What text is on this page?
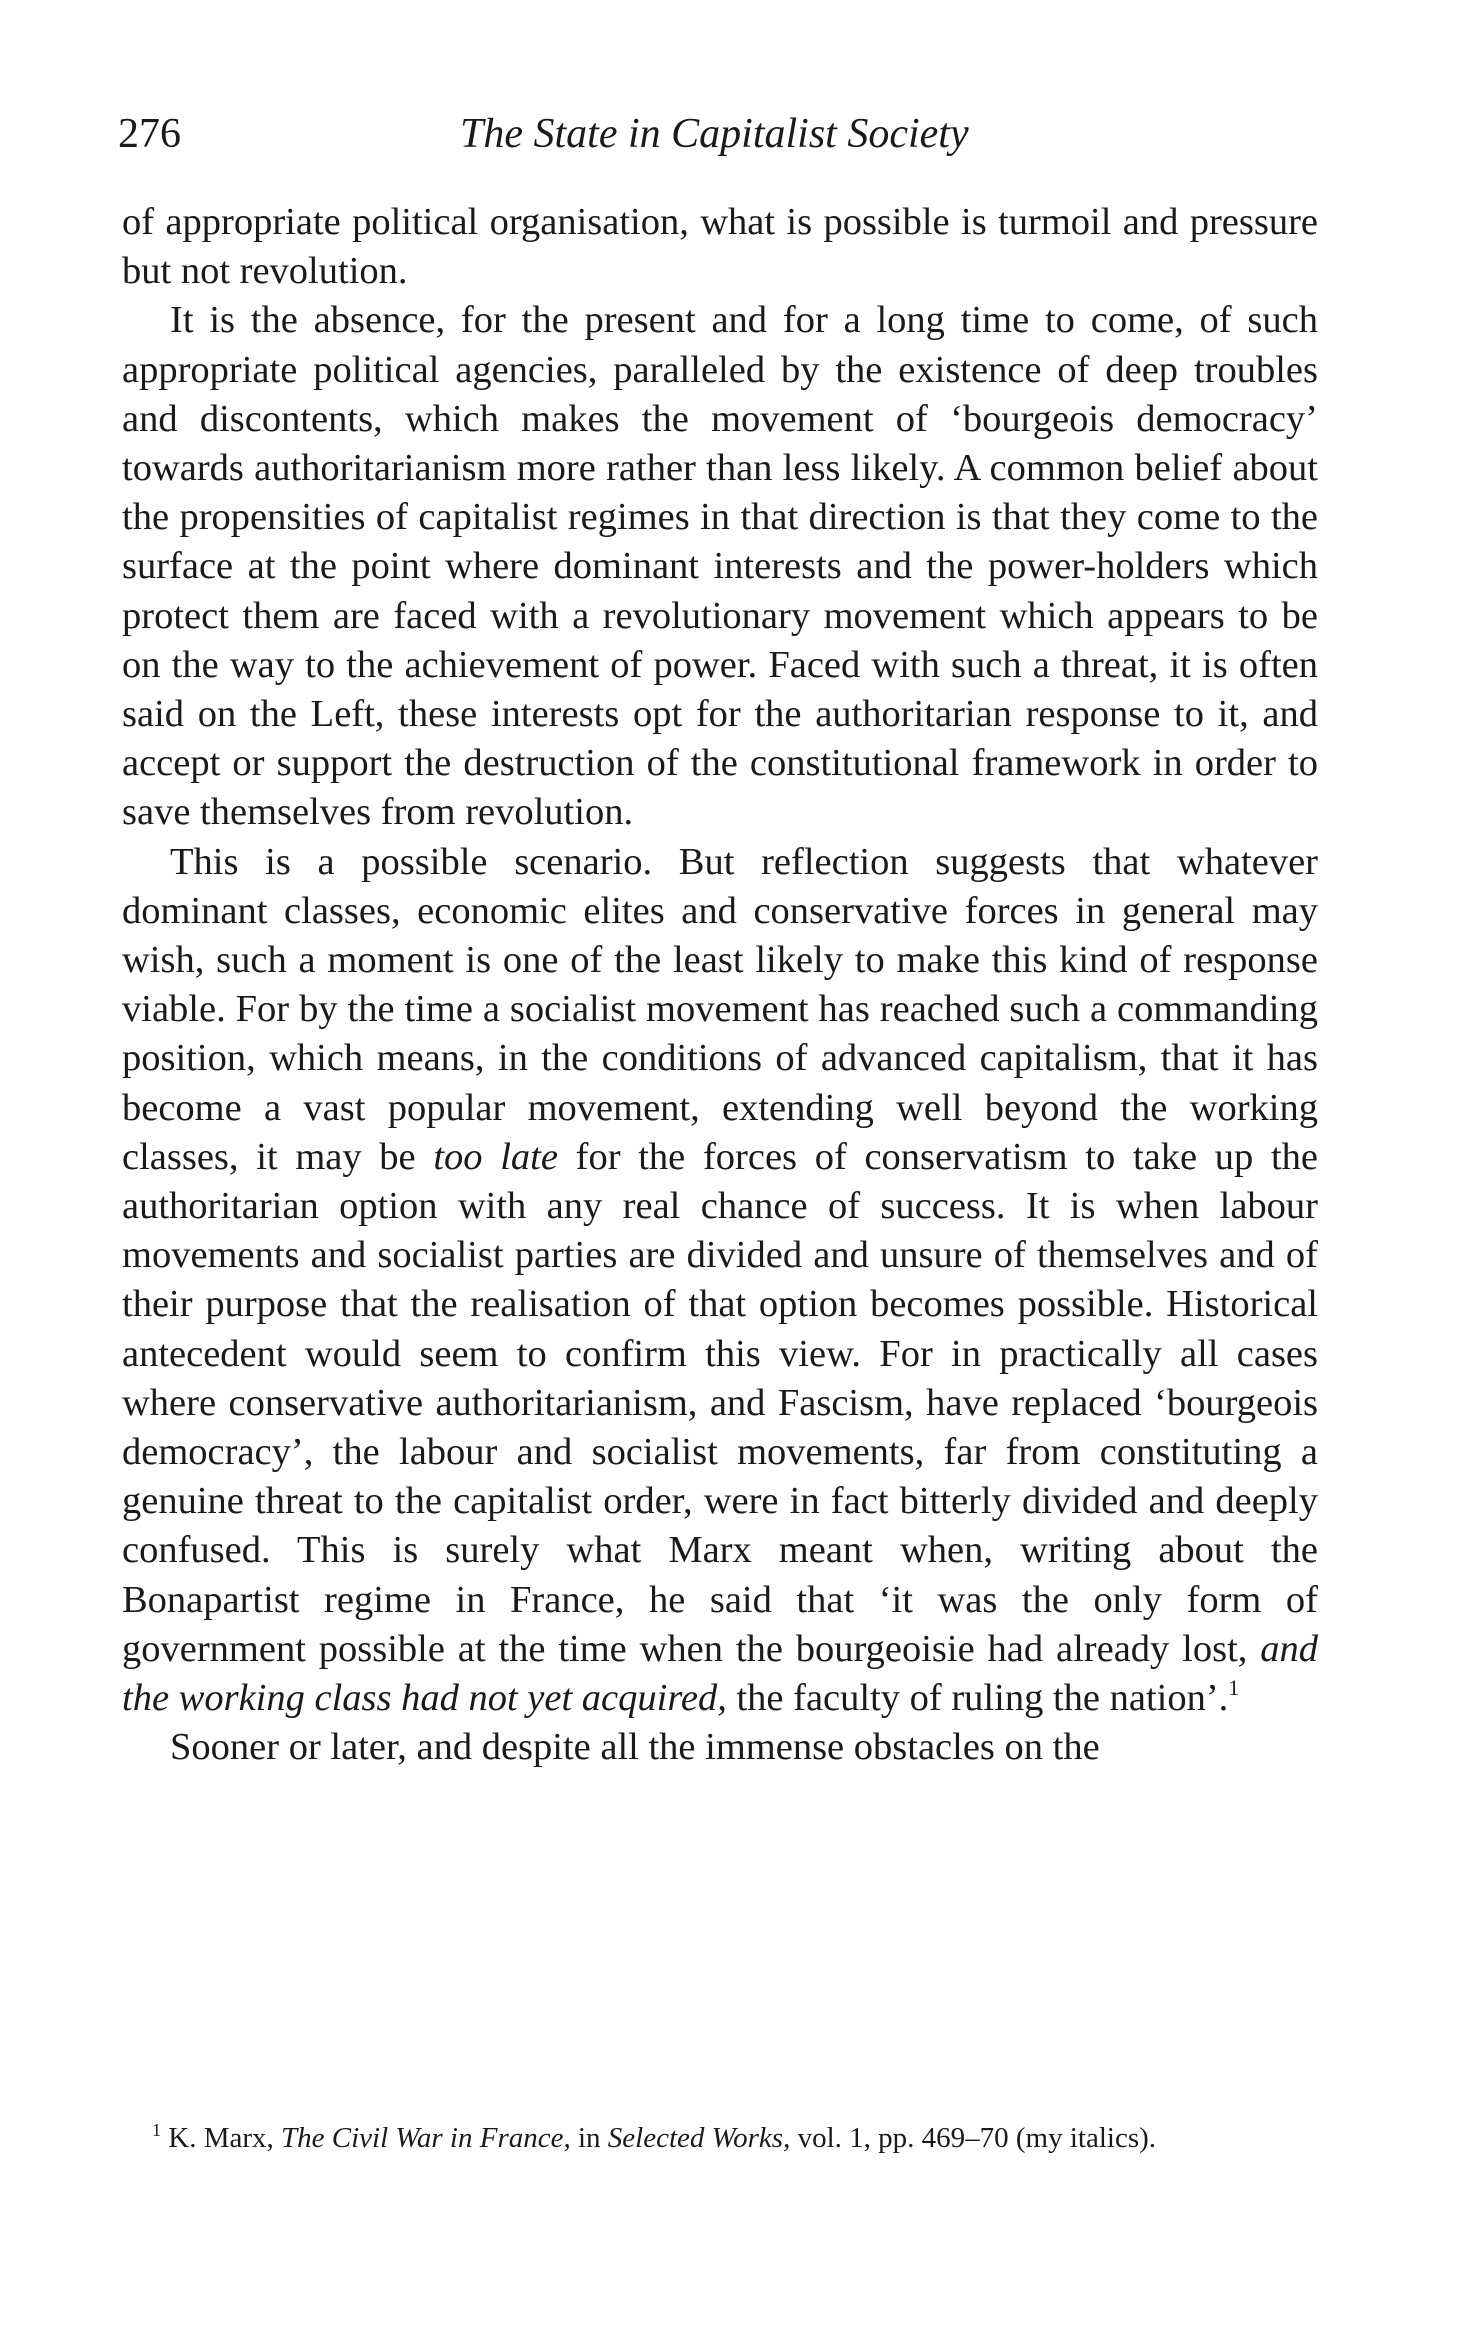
276	The State in Capitalist Society

of appropriate political organisation, what is possible is turmoil and pressure but not revolution.

It is the absence, for the present and for a long time to come, of such appropriate political agencies, paralleled by the existence of deep troubles and discontents, which makes the movement of ‘bourgeois democracy’ towards authoritarianism more rather than less likely. A common belief about the propensities of capitalist regimes in that direction is that they come to the surface at the point where dominant interests and the power-holders which protect them are faced with a revolutionary movement which appears to be on the way to the achievement of power. Faced with such a threat, it is often said on the Left, these interests opt for the authoritarian response to it, and accept or support the destruction of the constitutional framework in order to save themselves from revolution.

This is a possible scenario. But reflection suggests that whatever dominant classes, economic elites and conservative forces in general may wish, such a moment is one of the least likely to make this kind of response viable. For by the time a socialist movement has reached such a commanding position, which means, in the conditions of advanced capitalism, that it has become a vast popular movement, extending well beyond the working classes, it may be too late for the forces of conservatism to take up the authoritarian option with any real chance of success. It is when labour movements and socialist parties are divided and unsure of themselves and of their purpose that the realisation of that option becomes possible. Historical antecedent would seem to confirm this view. For in practically all cases where conservative authoritarianism, and Fascism, have replaced ‘bourgeois democracy’, the labour and socialist movements, far from constituting a genuine threat to the capitalist order, were in fact bitterly divided and deeply confused. This is surely what Marx meant when, writing about the Bonapartist regime in France, he said that ‘it was the only form of government possible at the time when the bourgeoisie had already lost, and the working class had not yet acquired, the faculty of ruling the nation’.$^1$

Sooner or later, and despite all the immense obstacles on the

$^1$ K. Marx, The Civil War in France, in Selected Works, vol. 1, pp. 469–70 (my italics).
